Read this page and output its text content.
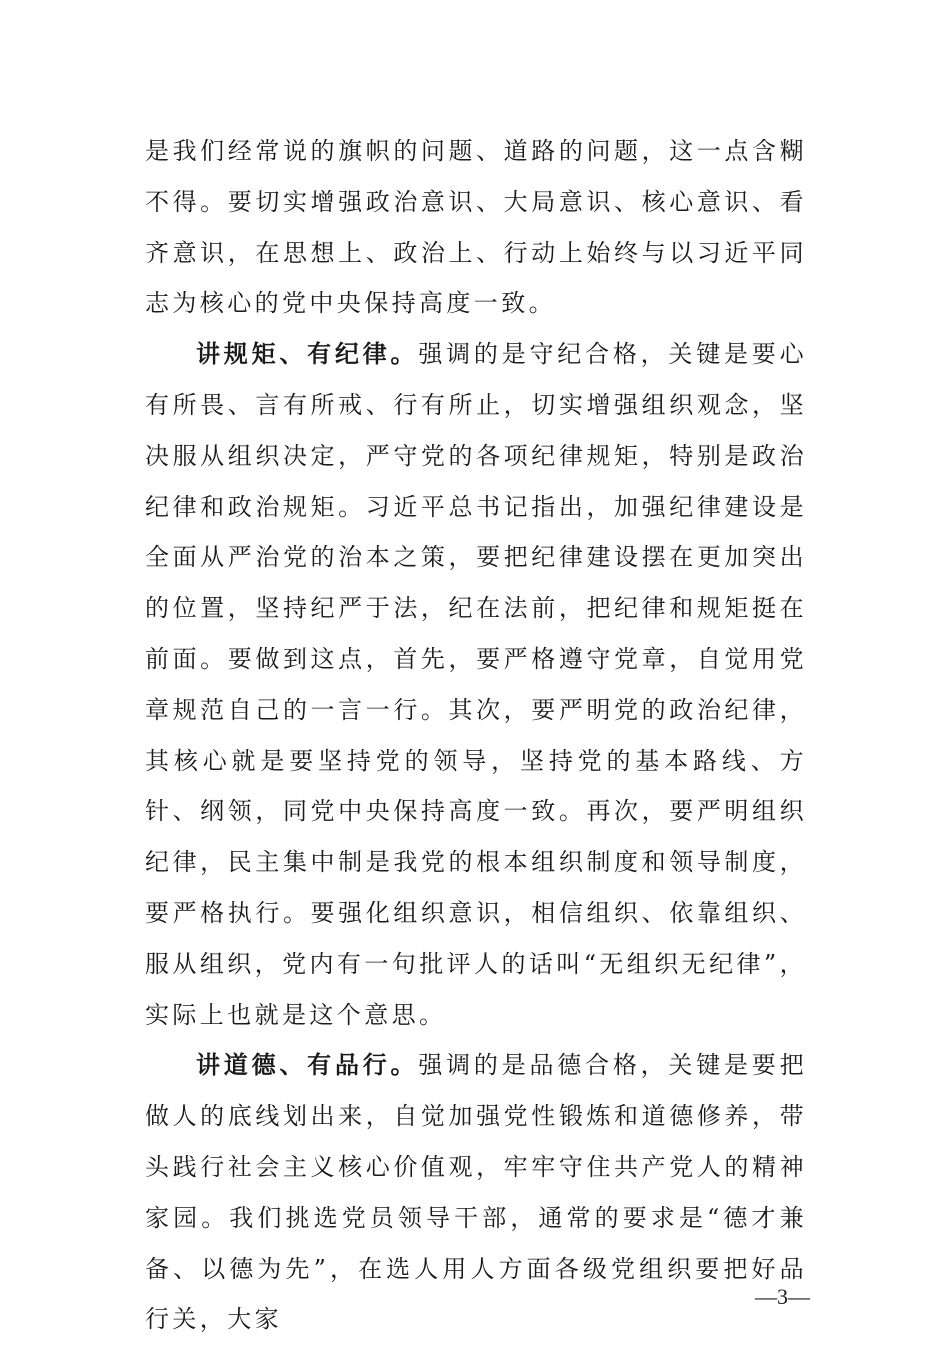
是我们经常说的旗帜的问题、道路的问题，这一点含糊不得。要切实增强政治意识、大局意识、核心意识、看齐意识，在思想上、政治上、行动上始终与以习近平同志为核心的党中央保持高度一致。

讲规矩、有纪律。强调的是守纪合格，关键是要心有所畏、言有所戒、行有所止，切实增强组织观念，坚决服从组织决定，严守党的各项纪律规矩，特别是政治纪律和政治规矩。习近平总书记指出，加强纪律建设是全面从严治党的治本之策，要把纪律建设摆在更加突出的位置，坚持纪严于法，纪在法前，把纪律和规矩挺在前面。要做到这点，首先，要严格遵守党章，自觉用党章规范自己的一言一行。其次，要严明党的政治纪律，其核心就是要坚持党的领导，坚持党的基本路线、方针、纲领，同党中央保持高度一致。再次，要严明组织纪律，民主集中制是我党的根本组织制度和领导制度，要严格执行。要强化组织意识，相信组织、依靠组织、服从组织，党内有一句批评人的话叫“无组织无纪律”，实际上也就是这个意思。

讲道德、有品行。强调的是品德合格，关键是要把做人的底线划出来，自觉加强党性锻炼和道德修养，带头践行社会主义核心价值观，牢牢守住共产党人的精神家园。我们挑选党员领导干部，通常的要求是“德才兼备、以德为先”，在选人用人方面各级党组织要把好品行关，大家

—3—
